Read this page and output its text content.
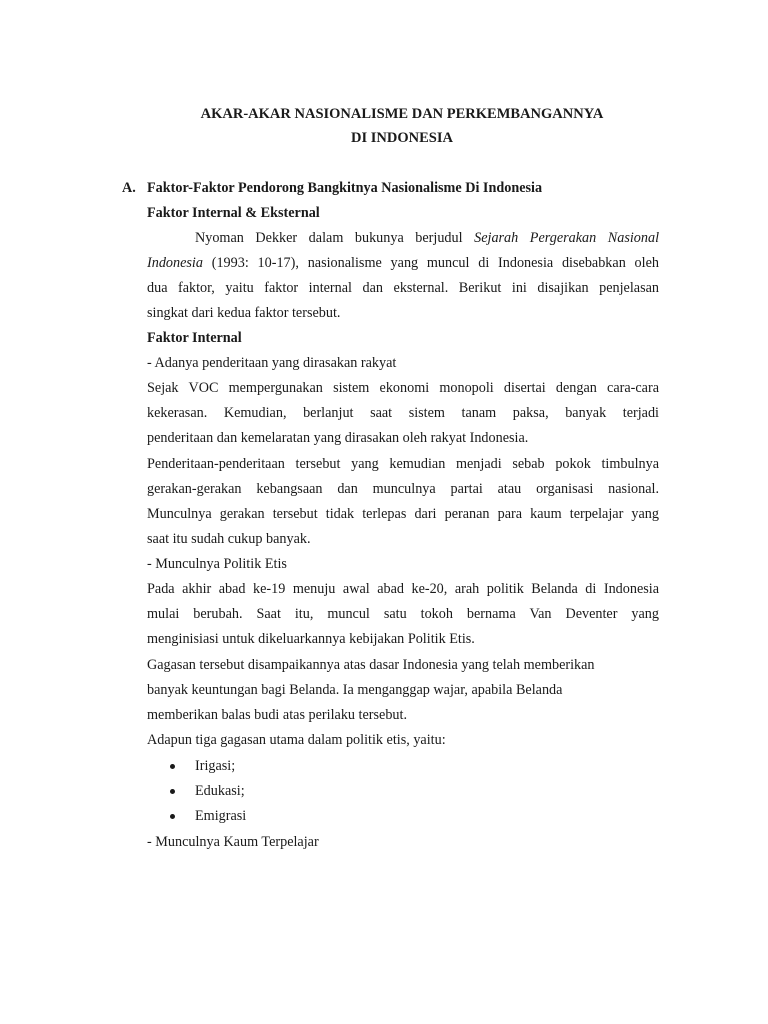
AKAR-AKAR NASIONALISME DAN PERKEMBANGANNYA
DI INDONESIA
A. Faktor-Faktor Pendorong Bangkitnya Nasionalisme Di Indonesia
Faktor Internal & Eksternal
Nyoman Dekker dalam bukunya berjudul Sejarah Pergerakan Nasional
Indonesia (1993: 10-17), nasionalisme yang muncul di Indonesia disebabkan oleh
dua faktor, yaitu faktor internal dan eksternal. Berikut ini disajikan penjelasan
singkat dari kedua faktor tersebut.
Faktor Internal
- Adanya penderitaan yang dirasakan rakyat
Sejak VOC mempergunakan sistem ekonomi monopoli disertai dengan cara-cara
kekerasan. Kemudian, berlanjut saat sistem tanam paksa, banyak terjadi
penderitaan dan kemelaratan yang dirasakan oleh rakyat Indonesia.
Penderitaan-penderitaan tersebut yang kemudian menjadi sebab pokok timbulnya
gerakan-gerakan kebangsaan dan munculnya partai atau organisasi nasional.
Munculnya gerakan tersebut tidak terlepas dari peranan para kaum terpelajar yang
saat itu sudah cukup banyak.
- Munculnya Politik Etis
Pada akhir abad ke-19 menuju awal abad ke-20, arah politik Belanda di Indonesia
mulai berubah. Saat itu, muncul satu tokoh bernama Van Deventer yang
menginisiasi untuk dikeluarkannya kebijakan Politik Etis.
Gagasan tersebut disampaikannya atas dasar Indonesia yang telah memberikan
banyak keuntungan bagi Belanda. Ia menganggap wajar, apabila Belanda
memberikan balas budi atas perilaku tersebut.
Adapun tiga gagasan utama dalam politik etis, yaitu:
Irigasi;
Edukasi;
Emigrasi
- Munculnya Kaum Terpelajar
